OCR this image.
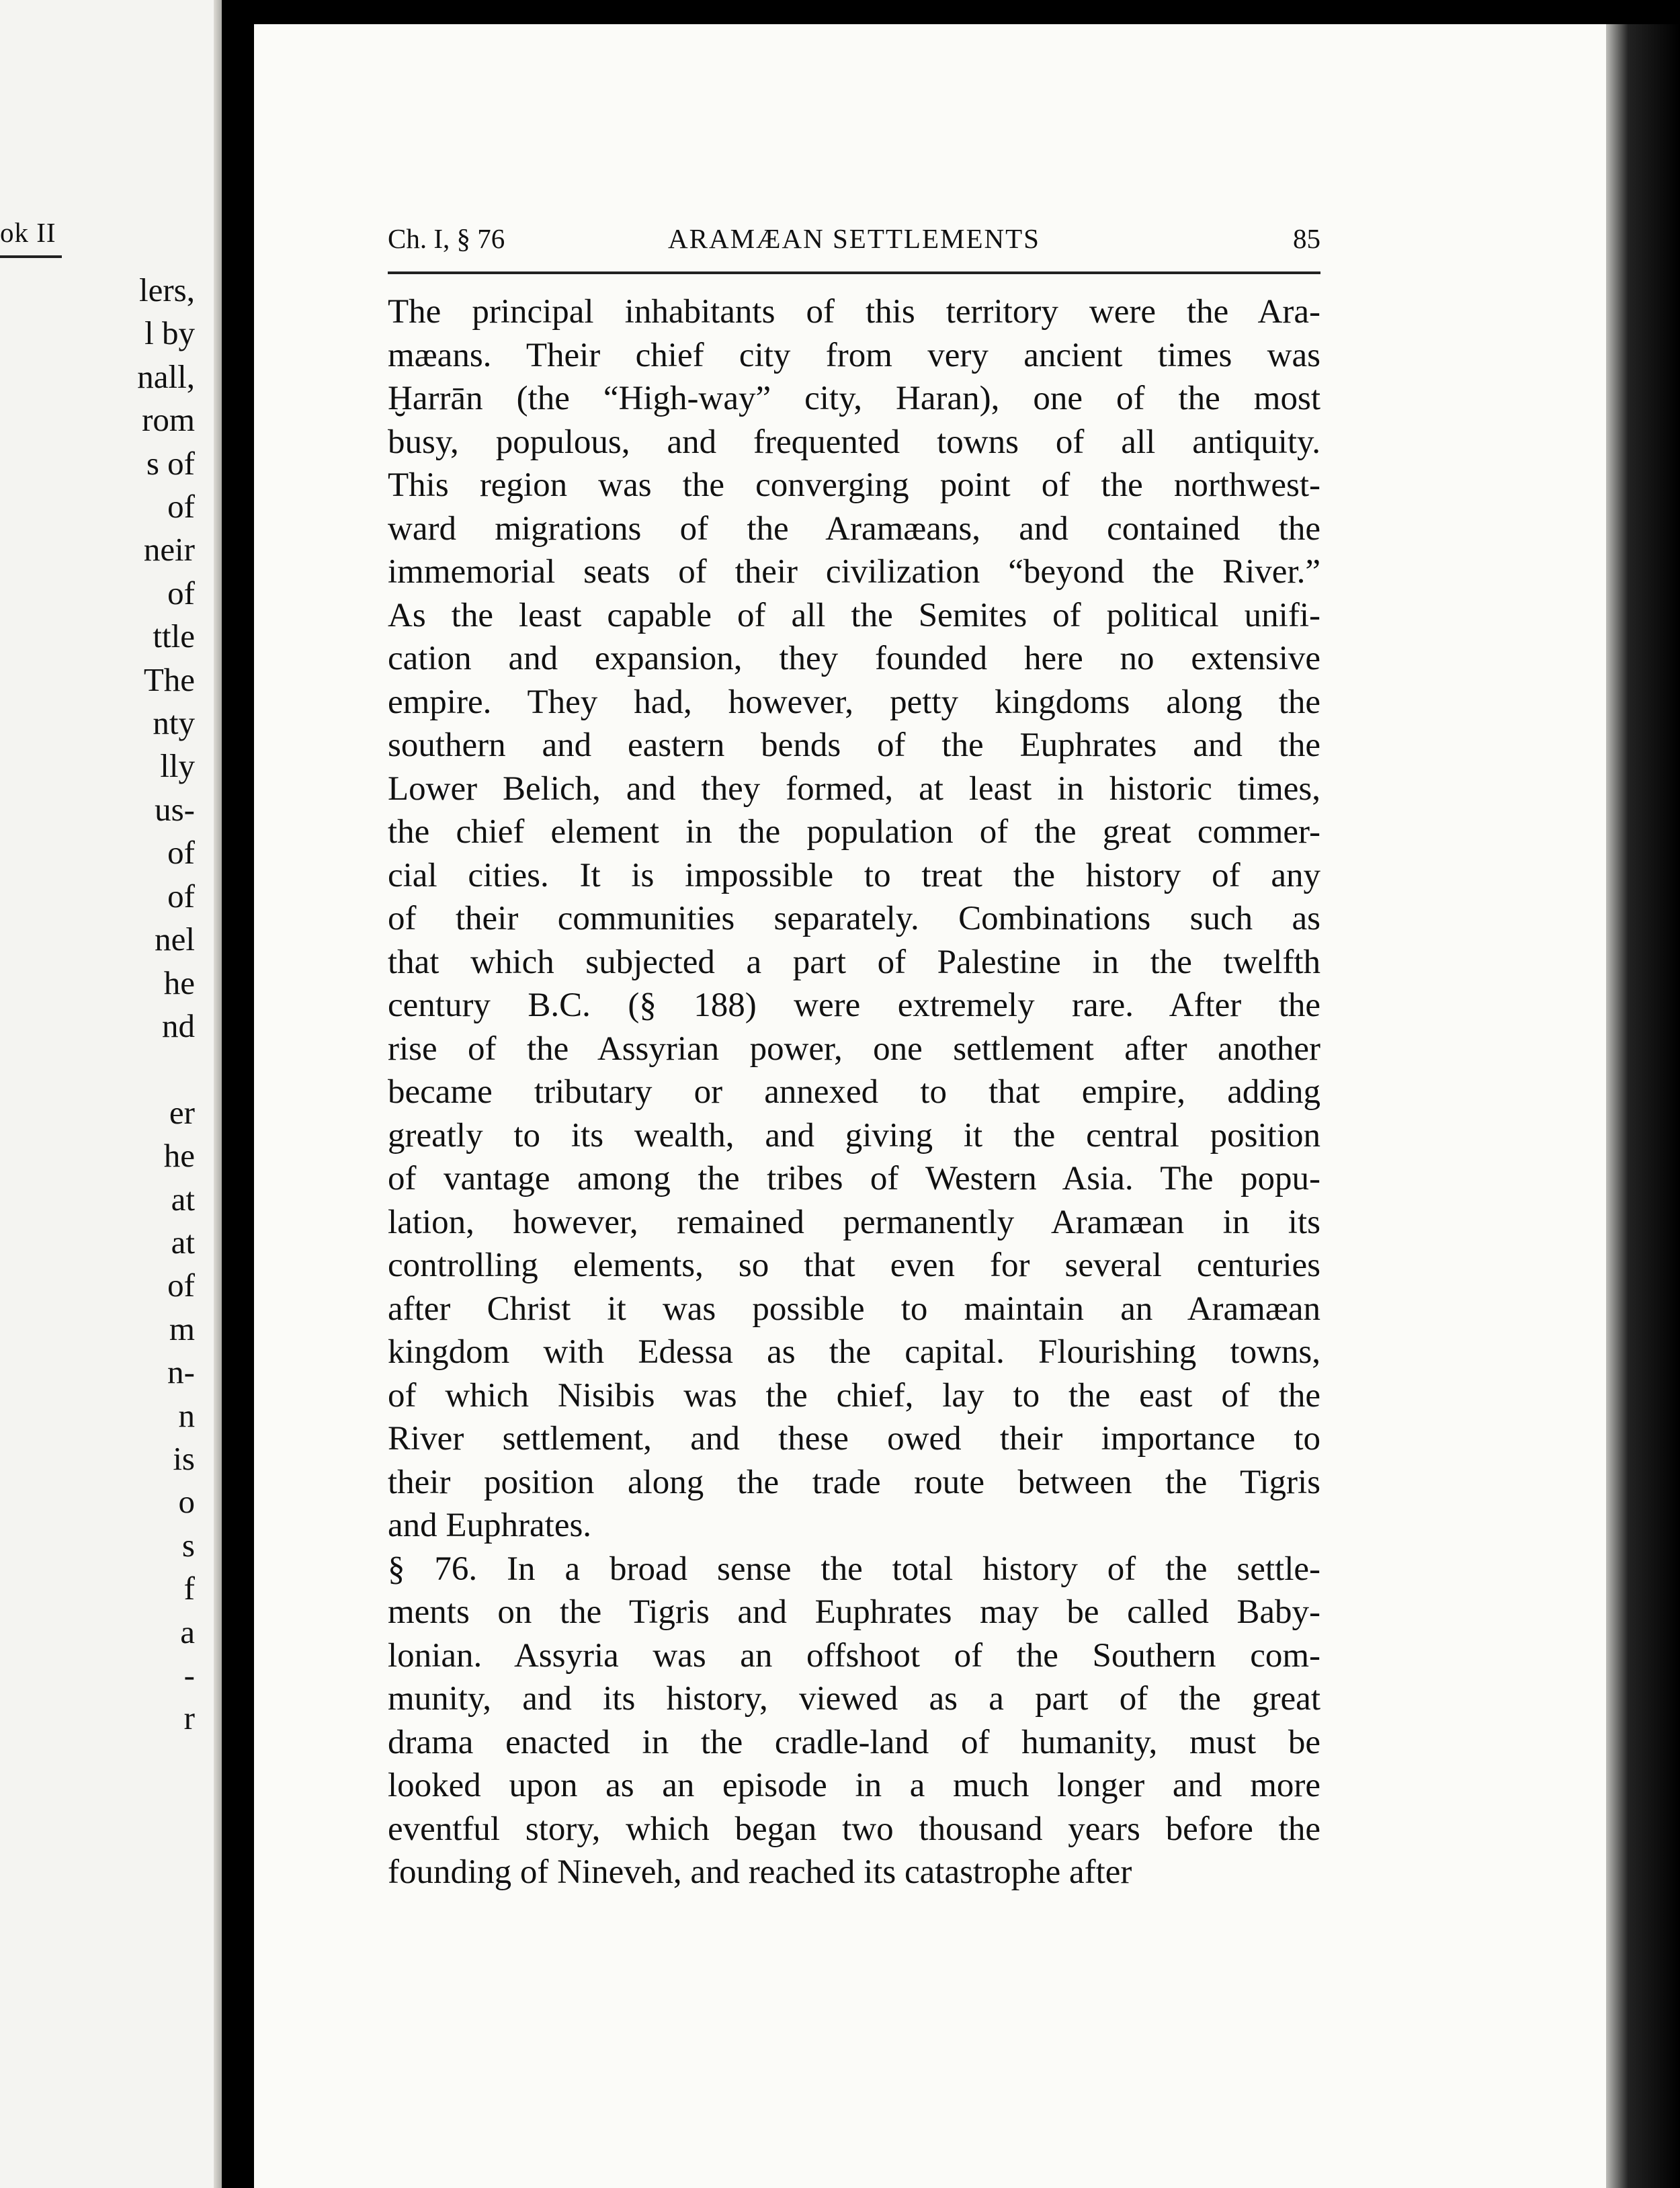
ok II
lers,
l by
nall,
rom
s of
of
neir
of
ttle
The
nty
lly
us-
of
of
nel
he
nd

er
he
at
at
of
m
n-
n
is
o
s
f
a
-
r

Ch. I, § 76	ARAMÆAN SETTLEMENTS	85
The principal inhabitants of this territory were the Ara-
mæans. Their chief city from very ancient times was
Ḫarrān (the “High-way” city, Haran), one of the most
busy, populous, and frequented towns of all antiquity.
This region was the converging point of the northwest-
ward migrations of the Aramæans, and contained the
immemorial seats of their civilization “beyond the River.”
As the least capable of all the Semites of political unifi-
cation and expansion, they founded here no extensive
empire. They had, however, petty kingdoms along the
southern and eastern bends of the Euphrates and the
Lower Belich, and they formed, at least in historic times,
the chief element in the population of the great commer-
cial cities. It is impossible to treat the history of any
of their communities separately. Combinations such as
that which subjected a part of Palestine in the twelfth
century B.C. (§ 188) were extremely rare. After the
rise of the Assyrian power, one settlement after another
became tributary or annexed to that empire, adding
greatly to its wealth, and giving it the central position
of vantage among the tribes of Western Asia. The popu-
lation, however, remained permanently Aramæan in its
controlling elements, so that even for several centuries
after Christ it was possible to maintain an Aramæan
kingdom with Edessa as the capital. Flourishing towns,
of which Nisibis was the chief, lay to the east of the
River settlement, and these owed their importance to
their position along the trade route between the Tigris
and Euphrates.
§ 76. In a broad sense the total history of the settle-
ments on the Tigris and Euphrates may be called Baby-
lonian. Assyria was an offshoot of the Southern com-
munity, and its history, viewed as a part of the great
drama enacted in the cradle-land of humanity, must be
looked upon as an episode in a much longer and more
eventful story, which began two thousand years before the
founding of Nineveh, and reached its catastrophe after
